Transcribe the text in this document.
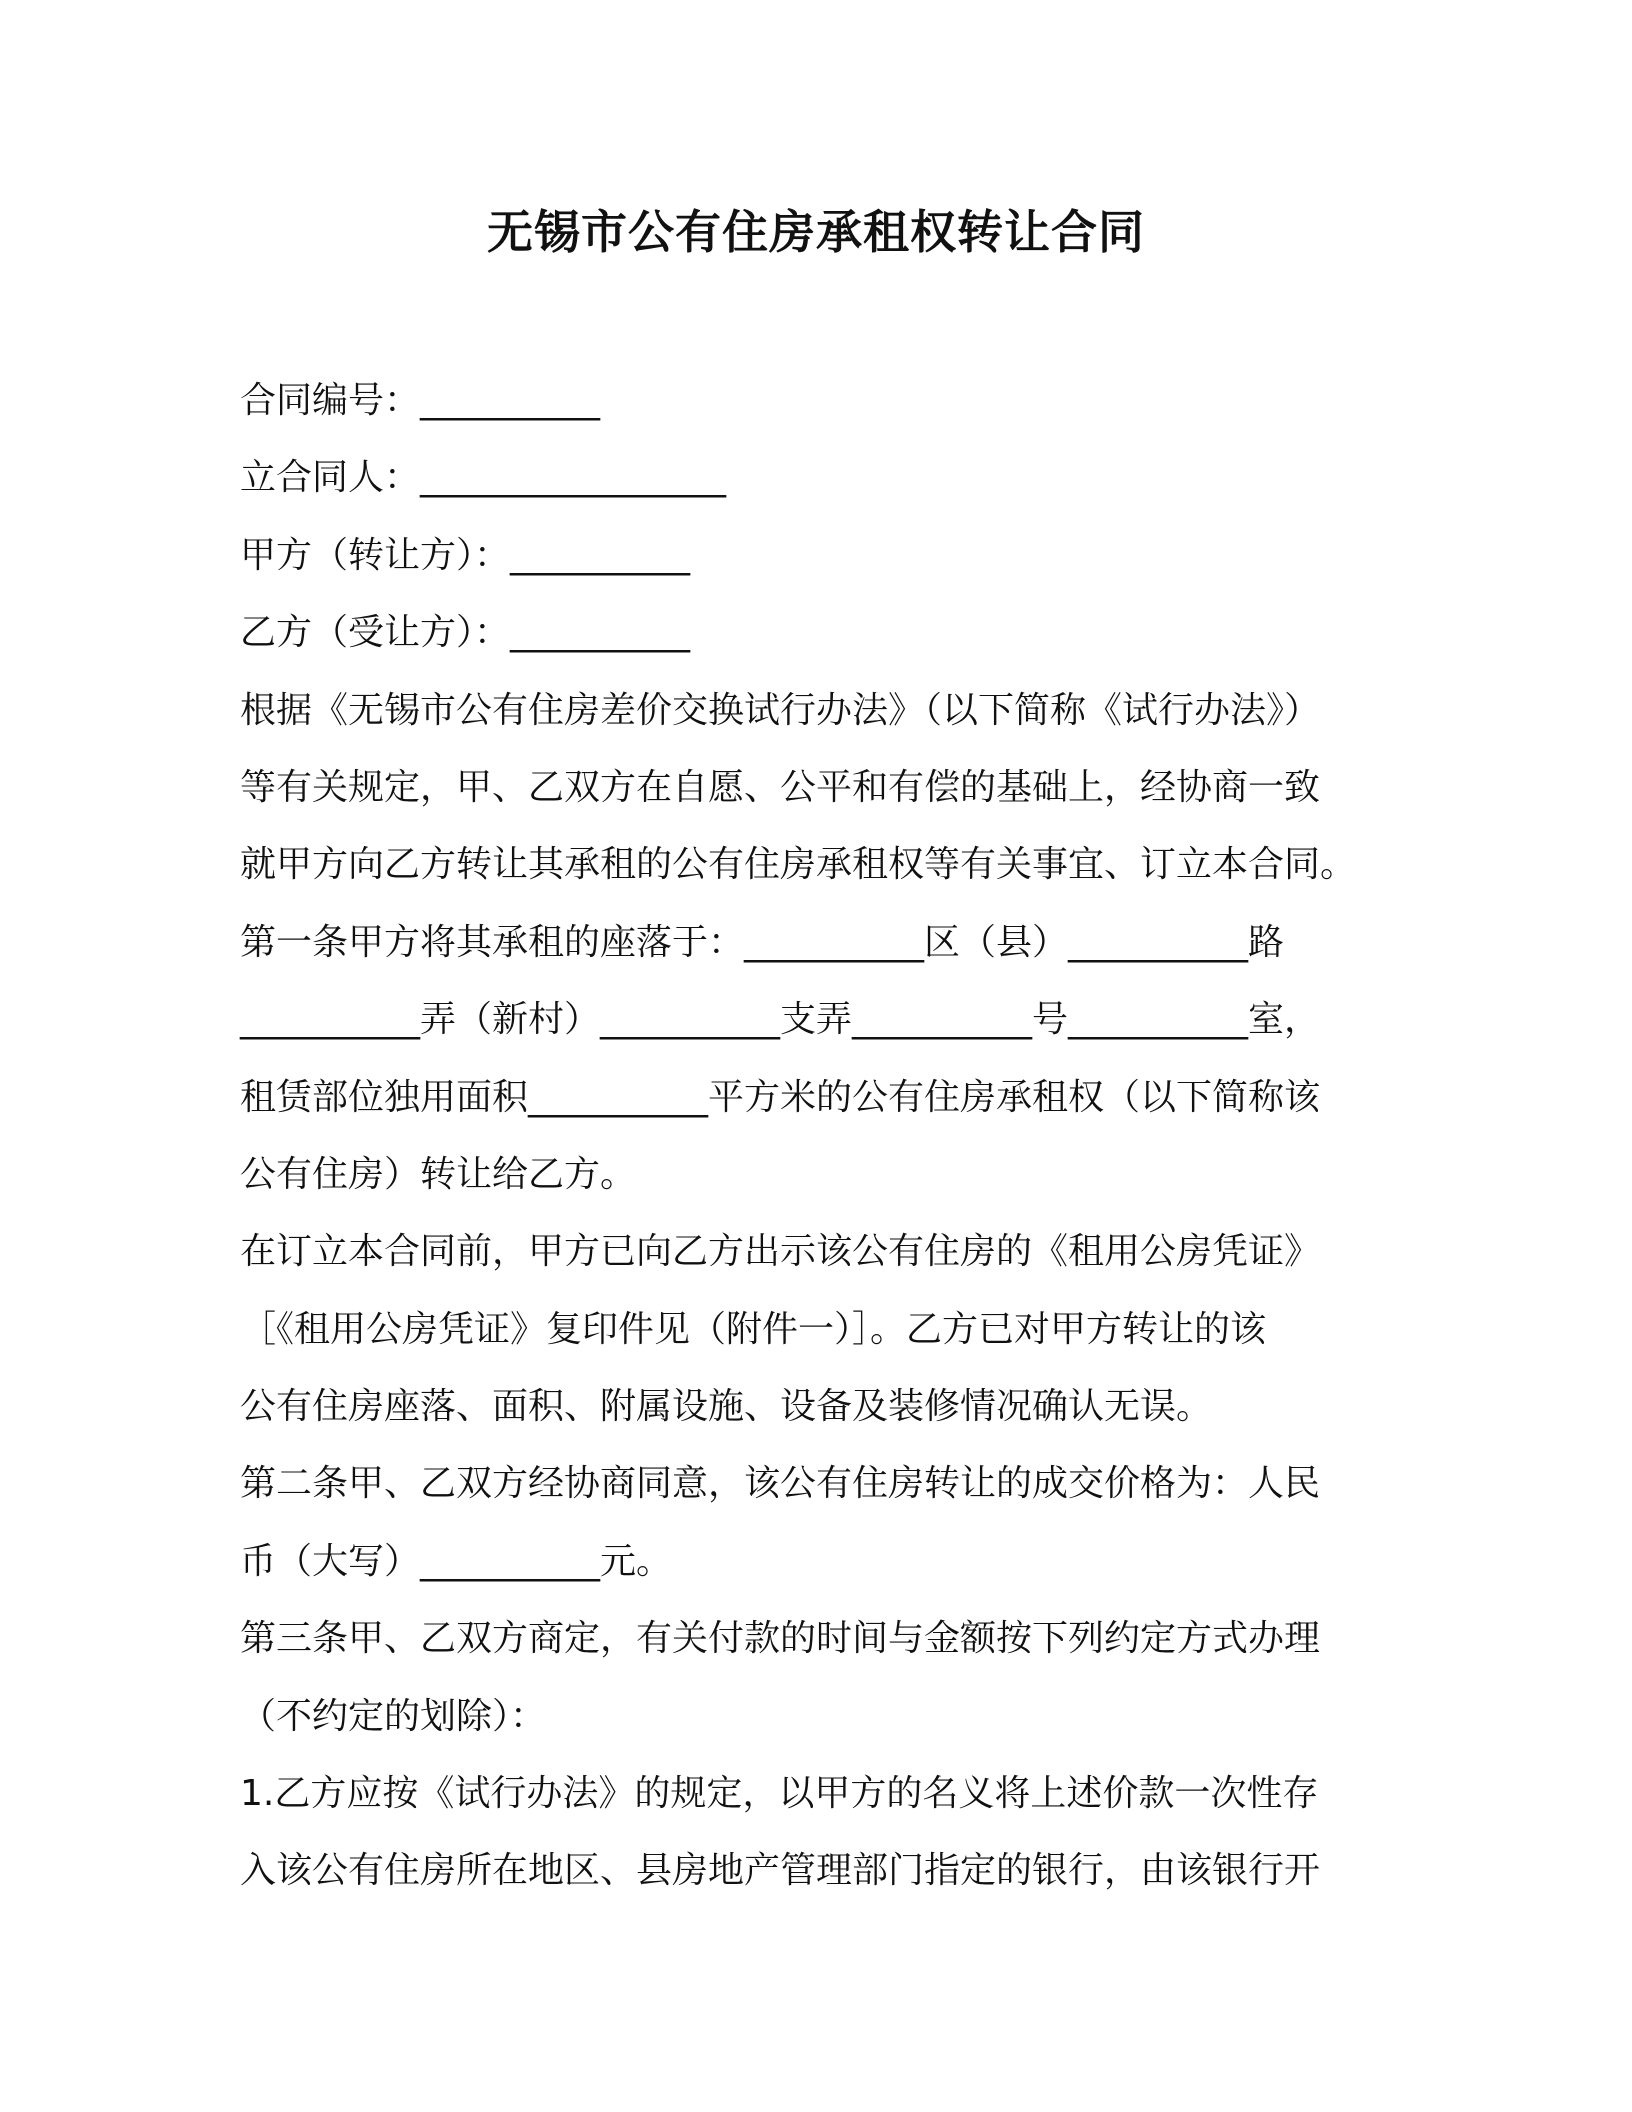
无锡市公有住房承租权转让合同
合同编号：__________
立合同人：_________________
甲方（转让方）：__________
乙方（受让方）：__________
根据《无锡市公有住房差价交换试行办法》（以下简称《试行办法》）
等有关规定，甲、乙双方在自愿、公平和有偿的基础上，经协商一致
就甲方向乙方转让其承租的公有住房承租权等有关事宜、订立本合同。
第一条甲方将其承租的座落于：__________区（县）__________路
__________弄（新村）__________支弄__________号__________室，
租赁部位独用面积__________平方米的公有住房承租权（以下简称该
公有住房）转让给乙方。
在订立本合同前，甲方已向乙方出示该公有住房的《租用公房凭证》
［《租用公房凭证》复印件见（附件一）］。乙方已对甲方转让的该
公有住房座落、面积、附属设施、设备及装修情况确认无误。
第二条甲、乙双方经协商同意，该公有住房转让的成交价格为：人民
币（大写）__________元。
第三条甲、乙双方商定，有关付款的时间与金额按下列约定方式办理
（不约定的划除）：
1.乙方应按《试行办法》的规定，以甲方的名义将上述价款一次性存
入该公有住房所在地区、县房地产管理部门指定的银行，由该银行开
